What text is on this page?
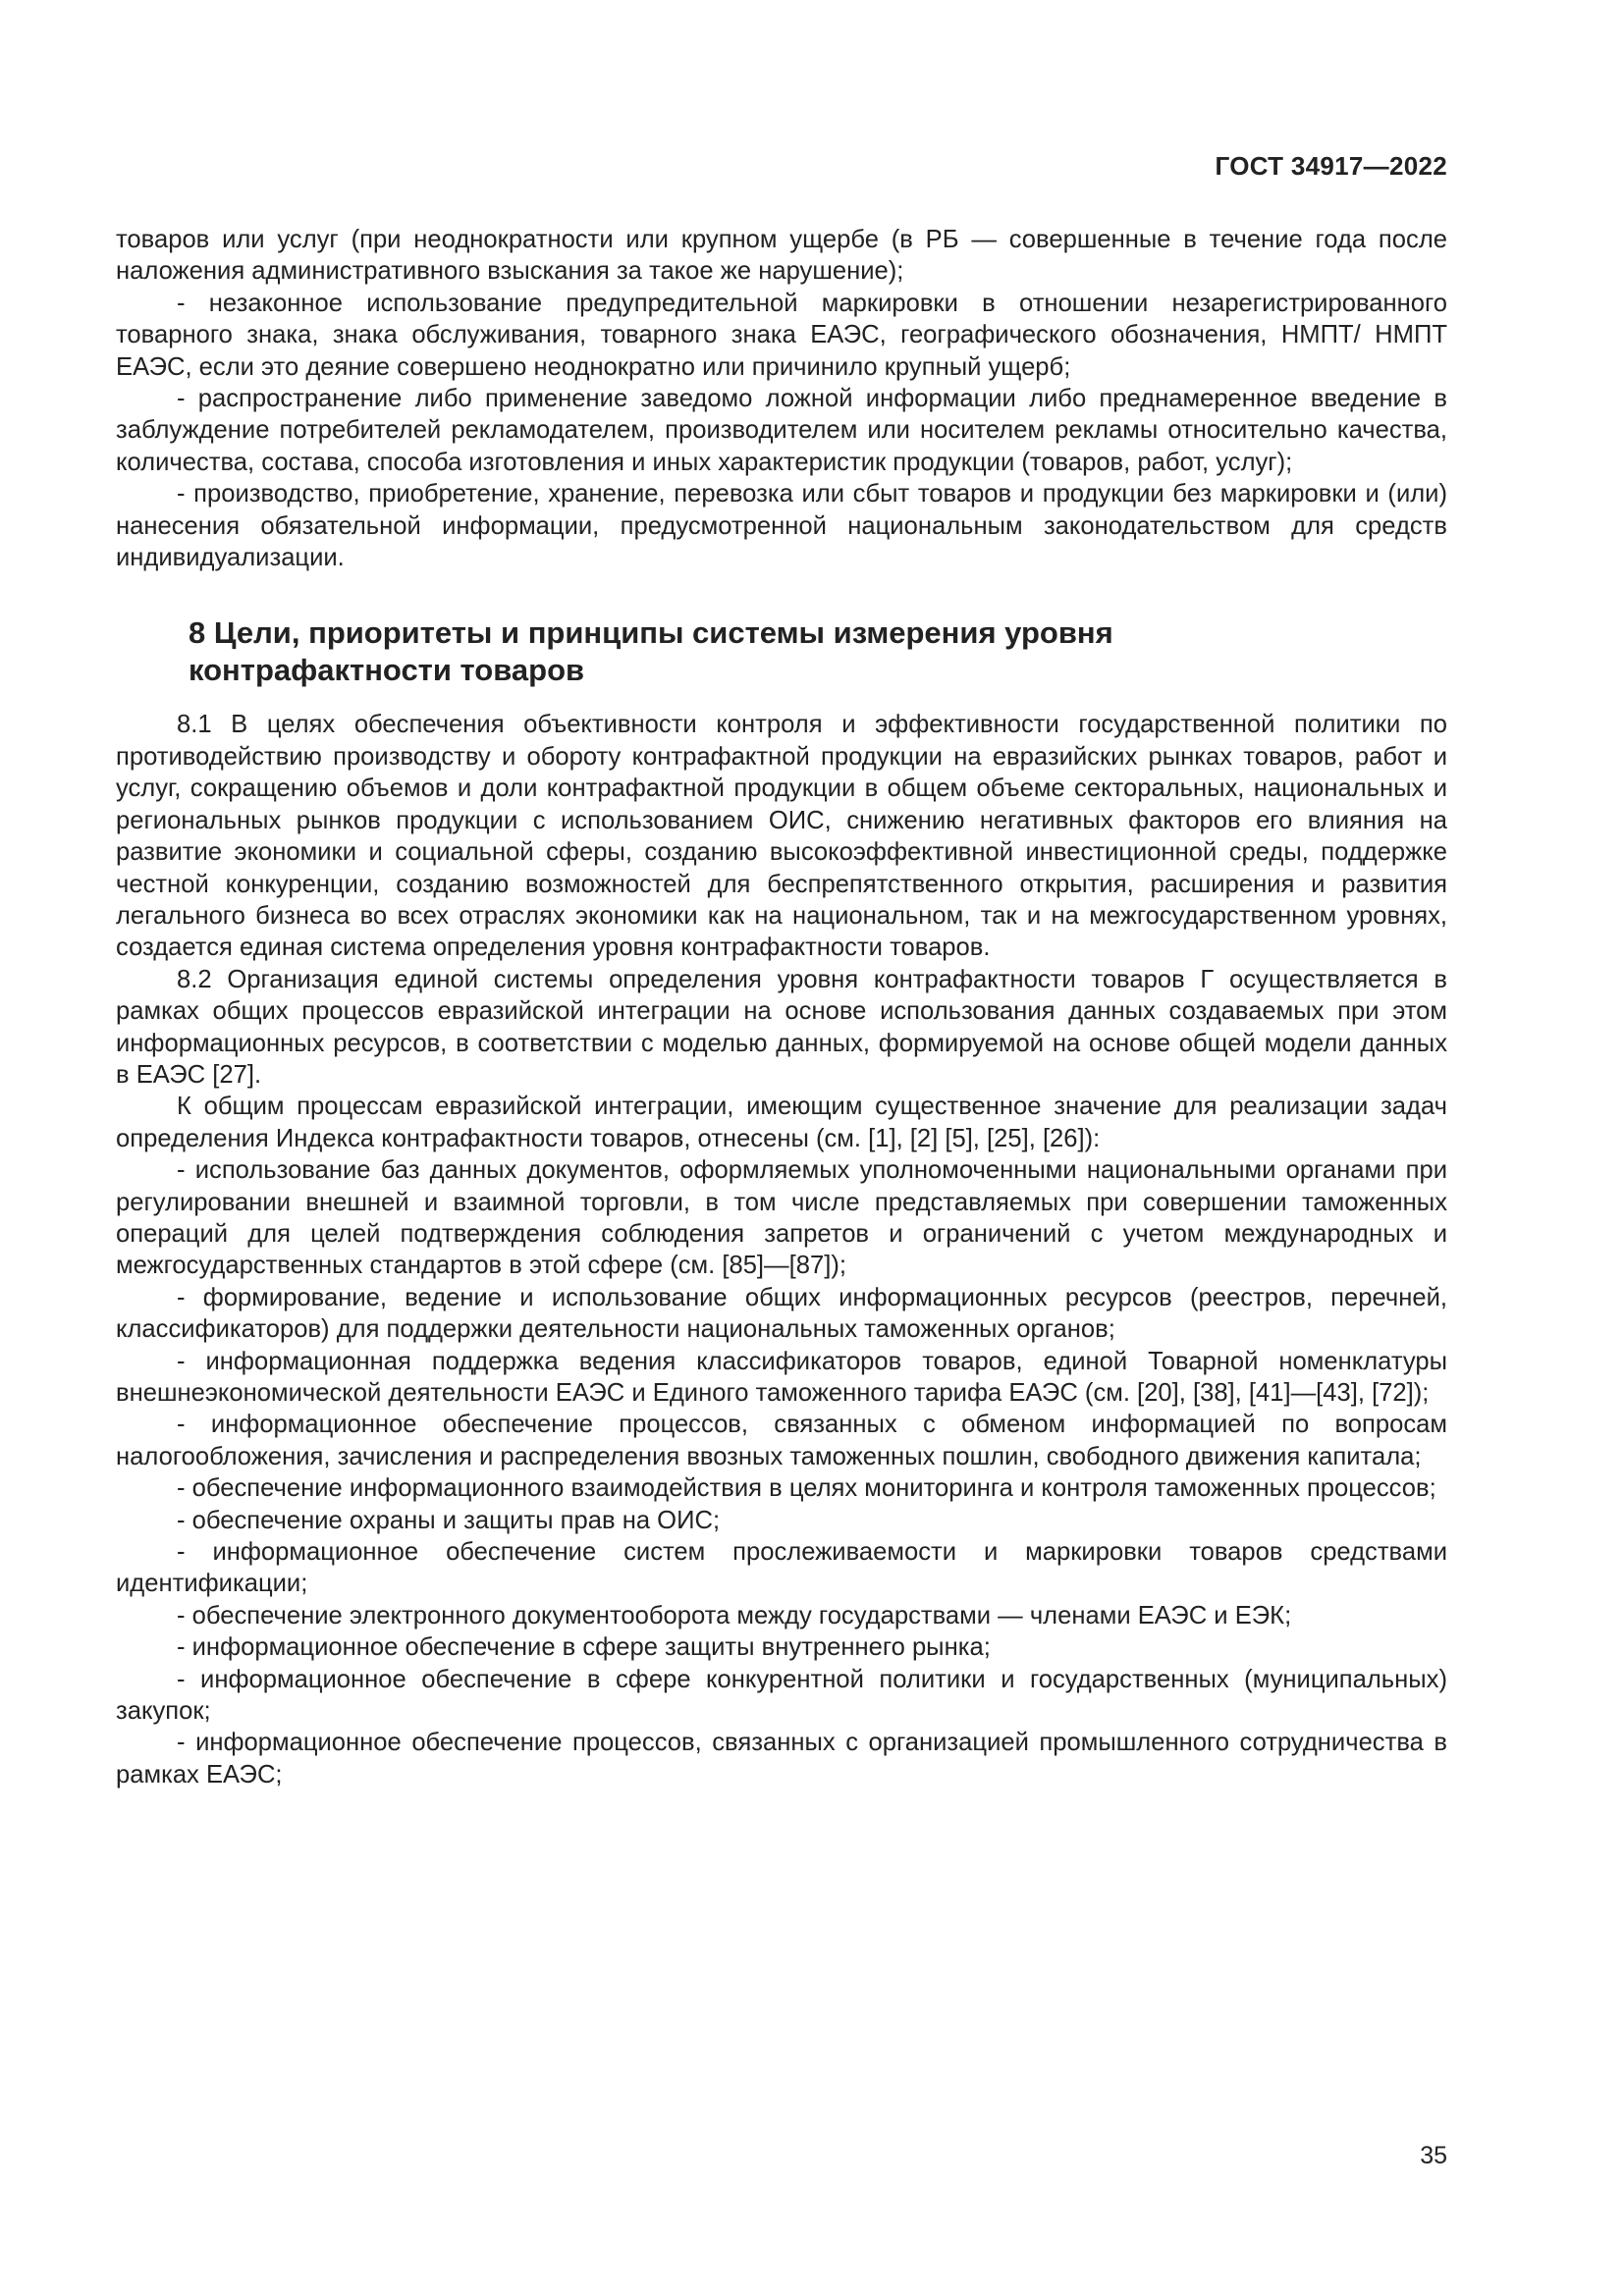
ГОСТ 34917—2022

товаров или услуг (при неоднократности или крупном ущербе (в РБ — совершенные в течение года после наложения административного взыскания за такое же нарушение);

- незаконное использование предупредительной маркировки в отношении незарегистрированного товарного знака, знака обслуживания, товарного знака ЕАЭС, географического обозначения, НМПТ/ НМПТ ЕАЭС, если это деяние совершено неоднократно или причинило крупный ущерб;

- распространение либо применение заведомо ложной информации либо преднамеренное введение в заблуждение потребителей рекламодателем, производителем или носителем рекламы относительно качества, количества, состава, способа изготовления и иных характеристик продукции (товаров, работ, услуг);

- производство, приобретение, хранение, перевозка или сбыт товаров и продукции без маркировки и (или) нанесения обязательной информации, предусмотренной национальным законодательством для средств индивидуализации.

8 Цели, приоритеты и принципы системы измерения уровня
контрафактности товаров

8.1 В целях обеспечения объективности контроля и эффективности государственной политики по противодействию производству и обороту контрафактной продукции на евразийских рынках товаров, работ и услуг, сокращению объемов и доли контрафактной продукции в общем объеме секторальных, национальных и региональных рынков продукции с использованием ОИС, снижению негативных факторов его влияния на развитие экономики и социальной сферы, созданию высокоэффективной инвестиционной среды, поддержке честной конкуренции, созданию возможностей для беспрепятственного открытия, расширения и развития легального бизнеса во всех отраслях экономики как на национальном, так и на межгосударственном уровнях, создается единая система определения уровня контрафактности товаров.

8.2 Организация единой системы определения уровня контрафактности товаров Г осуществляется в рамках общих процессов евразийской интеграции на основе использования данных создаваемых при этом информационных ресурсов, в соответствии с моделью данных, формируемой на основе общей модели данных в ЕАЭС [27].

К общим процессам евразийской интеграции, имеющим существенное значение для реализации задач определения Индекса контрафактности товаров, отнесены (см. [1], [2] [5], [25], [26]):

- использование баз данных документов, оформляемых уполномоченными национальными органами при регулировании внешней и взаимной торговли, в том числе представляемых при совершении таможенных операций для целей подтверждения соблюдения запретов и ограничений с учетом международных и межгосударственных стандартов в этой сфере (см. [85]—[87]);

- формирование, ведение и использование общих информационных ресурсов (реестров, перечней, классификаторов) для поддержки деятельности национальных таможенных органов;

- информационная поддержка ведения классификаторов товаров, единой Товарной номенклатуры внешнеэкономической деятельности ЕАЭС и Единого таможенного тарифа ЕАЭС (см. [20], [38], [41]—[43], [72]);

- информационное обеспечение процессов, связанных с обменом информацией по вопросам налогообложения, зачисления и распределения ввозных таможенных пошлин, свободного движения капитала;

- обеспечение информационного взаимодействия в целях мониторинга и контроля таможенных процессов;

- обеспечение охраны и защиты прав на ОИС;

- информационное обеспечение систем прослеживаемости и маркировки товаров средствами идентификации;

- обеспечение электронного документооборота между государствами — членами ЕАЭС и ЕЭК;

- информационное обеспечение в сфере защиты внутреннего рынка;

- информационное обеспечение в сфере конкурентной политики и государственных (муниципальных) закупок;

- информационное обеспечение процессов, связанных с организацией промышленного сотрудничества в рамках ЕАЭС;

35
